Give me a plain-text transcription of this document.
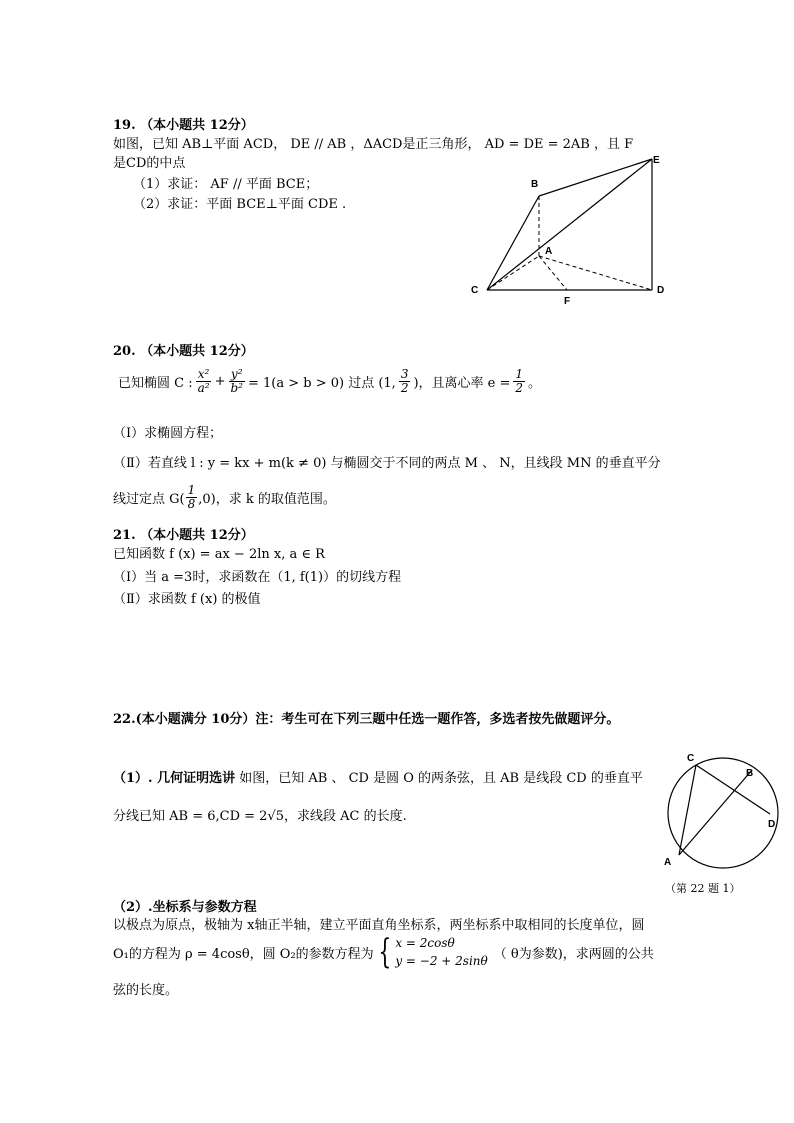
19. （本小题共 12分）
如图，已知 AB⊥平面 ACD， DE // AB ，ΔACD是正三角形， AD = DE = 2AB ，且 F
是CD的中点
（1）求证： AF // 平面 BCE；
（2）求证：平面 BCE⊥平面 CDE .
B
E
A
C
F
D
20. （本小题共 12分）
已知椭圆 C : $\frac{\text{x²}}{\text{a²}} + \frac{\text{y²}}{\text{b²}} = 1(a > b > 0)$ 过点 (1, $\frac{3}{2}$ )，且离心率 $e = \frac{1}{2}$ 。
（Ⅰ）求椭圆方程；
（Ⅱ）若直线 l : y = kx + m(k ≠ 0) 与椭圆交于不同的两点 M 、 N，且线段 MN 的垂直平分
线过定点 $G( \frac{1}{8} ,0)$，求 k 的取值范围。
21. （本小题共 12分）
已知函数 f (x) = ax − 2ln x, a ∈ R
（Ⅰ）当 a =3时，求函数在（1, f(1)）的切线方程
（Ⅱ）求函数 f (x) 的极值
22.(本小题满分 10分）注：考生可在下列三题中任选一题作答，多选者按先做题评分。
（1）. 几何证明选讲 如图，已知 AB 、 CD 是圆 O 的两条弦，且 AB 是线段 CD 的垂直平
分线已知 AB = 6,CD = 2√5，求线段 AC 的长度.
C
B
D
A
（第 22 题 1）
（2）.坐标系与参数方程
以极点为原点，极轴为 x轴正半轴，建立平面直角坐标系，两坐标系中取相同的长度单位，圆
O₁的方程为 ρ = 4cosθ，圆 O₂的参数方程为 { x = 2cosθ
y = −2 + 2sinθ （ θ为参数)，求两圆的公共
弦的长度。
